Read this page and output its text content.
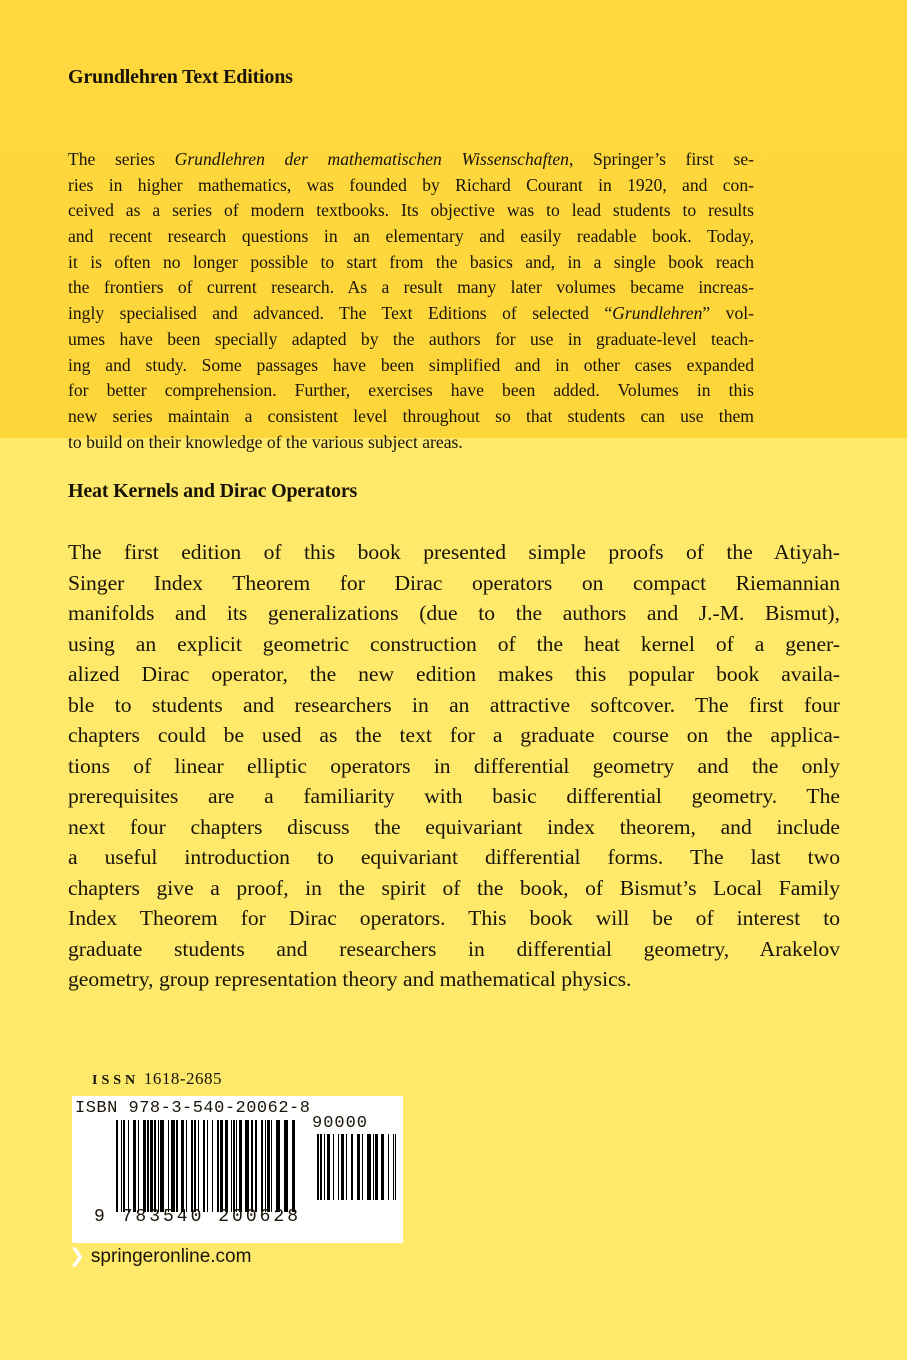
Grundlehren Text Editions
The series Grundlehren der mathematischen Wissenschaften, Springer’s first se-
ries in higher mathematics, was founded by Richard Courant in 1920, and con-
ceived as a series of modern textbooks. Its objective was to lead students to results
and recent research questions in an elementary and easily readable book. Today,
it is often no longer possible to start from the basics and, in a single book reach
the frontiers of current research. As a result many later volumes became increas-
ingly specialised and advanced. The Text Editions of selected “Grundlehren” vol-
umes have been specially adapted by the authors for use in graduate-level teach-
ing and study. Some passages have been simplified and in other cases expanded
for better comprehension. Further, exercises have been added. Volumes in this
new series maintain a consistent level throughout so that students can use them
to build on their knowledge of the various subject areas.
Heat Kernels and Dirac Operators
The first edition of this book presented simple proofs of the Atiyah-
Singer Index Theorem for Dirac operators on compact Riemannian
manifolds and its generalizations (due to the authors and J.-M. Bismut),
using an explicit geometric construction of the heat kernel of a gener-
alized Dirac operator, the new edition makes this popular book availa-
ble to students and researchers in an attractive softcover. The first four
chapters could be used as the text for a graduate course on the applica-
tions of linear elliptic operators in differential geometry and the only
prerequisites are a familiarity with basic differential geometry. The
next four chapters discuss the equivariant index theorem, and include
a useful introduction to equivariant differential forms. The last two
chapters give a proof, in the spirit of the book, of Bismut’s Local Family
Index Theorem for Dirac operators. This book will be of interest to
graduate students and researchers in differential geometry, Arakelov
geometry, group representation theory and mathematical physics.
ISSN 1618-2685
ISBN 978-3-540-20062-8
90000
9 783540 200628
❯ springeronline.com
